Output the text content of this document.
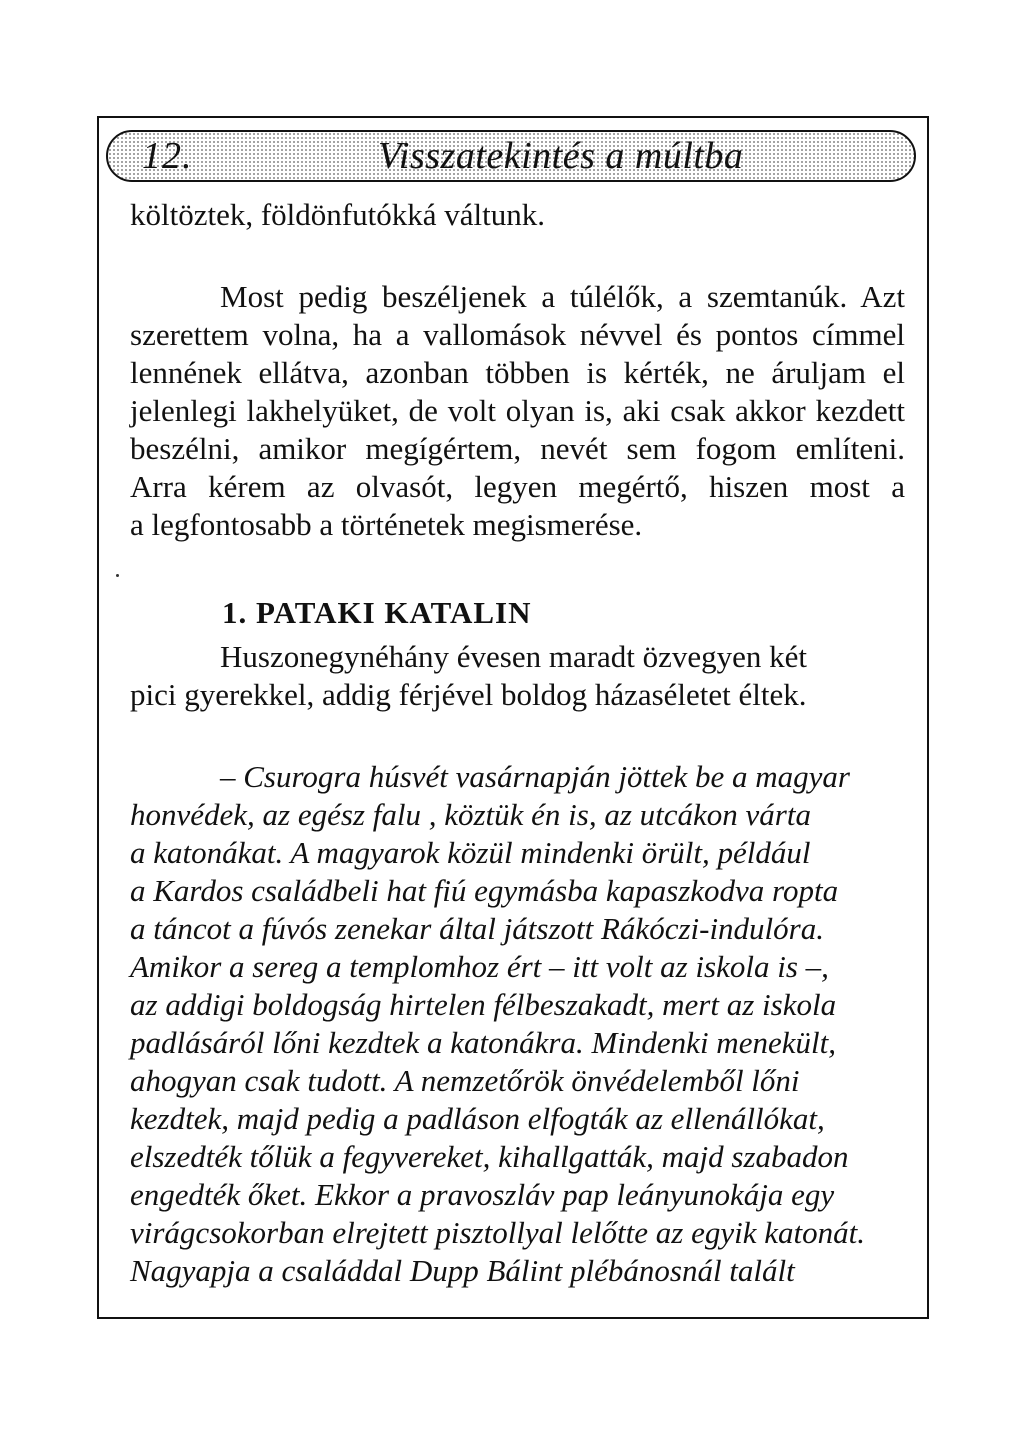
12.	Visszatekintés a múltba

költöztek, földönfutókká váltunk.

Most pedig beszéljenek a túlélők, a szemtanúk. Azt
szerettem volna, ha a vallomások névvel és pontos címmel
lennének ellátva, azonban többen is kérték, ne áruljam el
jelenlegi lakhelyüket, de volt olyan is, aki csak akkor kezdett
beszélni, amikor megígértem, nevét sem fogom említeni.
Arra kérem az olvasót, legyen megértő, hiszen most a
a legfontosabb a történetek megismerése.

1. PATAKI KATALIN

Huszonegynéhány évesen maradt özvegyen két
pici gyerekkel, addig férjével boldog házaséletet éltek.
– Csurogra húsvét vasárnapján jöttek be a magyar
honvédek, az egész falu , köztük én is, az utcákon várta
a katonákat. A magyarok közül mindenki örült, például
a Kardos családbeli hat fiú egymásba kapaszkodva ropta
a táncot a fúvós zenekar által játszott Rákóczi-indulóra.
Amikor a sereg a templomhoz ért – itt volt az iskola is –,
az addigi boldogság hirtelen félbeszakadt, mert az iskola
padlásáról lőni kezdtek a katonákra. Mindenki menekült,
ahogyan csak tudott. A nemzetőrök önvédelemből lőni
kezdtek, majd pedig a padláson elfogták az ellenállókat,
elszedték tőlük a fegyvereket, kihallgatták, majd szabadon
engedték őket. Ekkor a pravoszláv pap leányunokája egy
virágcsokorban elrejtett pisztollyal lelőtte az egyik katonát.
Nagyapja a családdal Dupp Bálint plébánosnál talált
